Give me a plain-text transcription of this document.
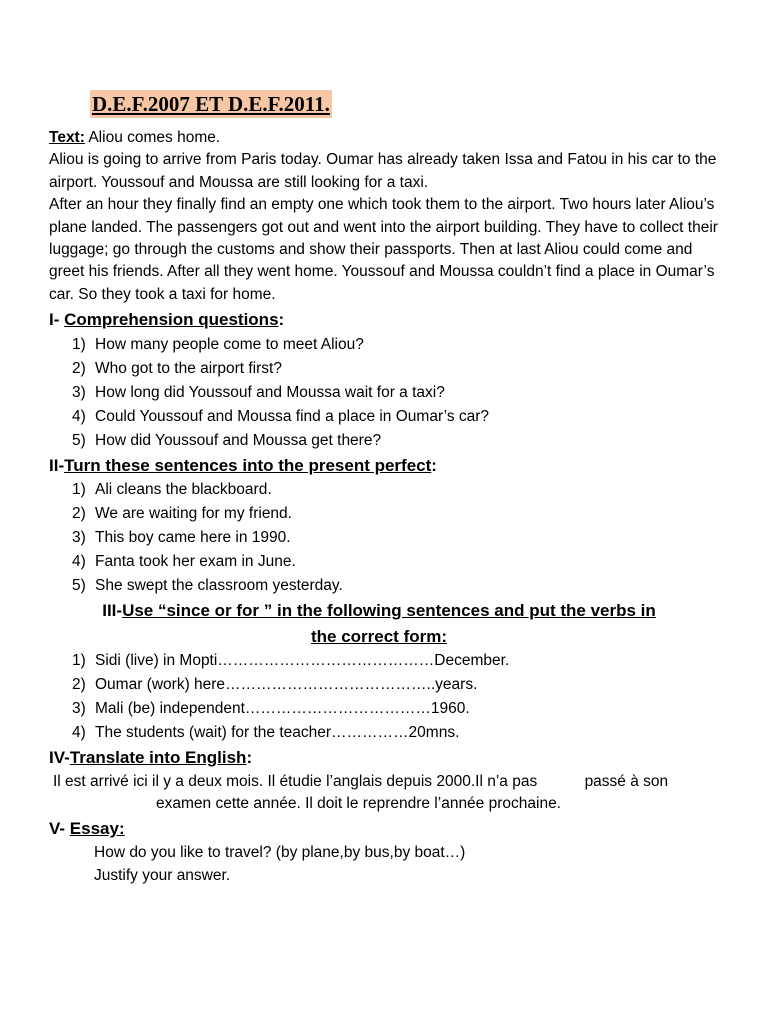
D.E.F.2007 ET D.E.F.2011.

Text: Aliou comes home.

Aliou is going to arrive from Paris today. Oumar has already taken Issa and Fatou in his car to the airport. Youssouf and Moussa are still looking for a taxi.

After an hour they finally find an empty one which took them to the airport. Two hours later Aliou’s plane landed. The passengers got out and went into the airport building. They have to collect their luggage; go through the customs and show their passports. Then at last Aliou could come and greet his friends. After all they went home. Youssouf and Moussa couldn’t find a place in Oumar’s car. So they took a taxi for home.

I- Comprehension questions:
1) How many people come to meet Aliou?
2) Who got to the airport first?
3) How long did Youssouf and Moussa wait for a taxi?
4) Could Youssouf and Moussa find a place in Oumar’s car?
5) How did Youssouf and Moussa get there?
II-Turn these sentences into the present perfect:
1) Ali cleans the blackboard.
2) We are waiting for my friend.
3) This boy came here in 1990.
4) Fanta took her exam in June.
5) She swept the classroom yesterday.
III-Use “since or for ” in the following sentences and put the verbs in
the correct form:
1) Sidi (live) in Mopti……………………………………December.
2) Oumar (work) here…………………………………..years.
3) Mali (be) independent………………………………1960.
4) The students (wait) for the teacher……………20mns.
IV-Translate into English:
Il est arrivé ici il y a deux mois. Il étudie l’anglais depuis 2000.Il n’a pas           passé à son
examen cette année. Il doit le reprendre l’année prochaine.
V- Essay:
How do you like to travel? (by plane,by bus,by boat…)
Justify your answer.
